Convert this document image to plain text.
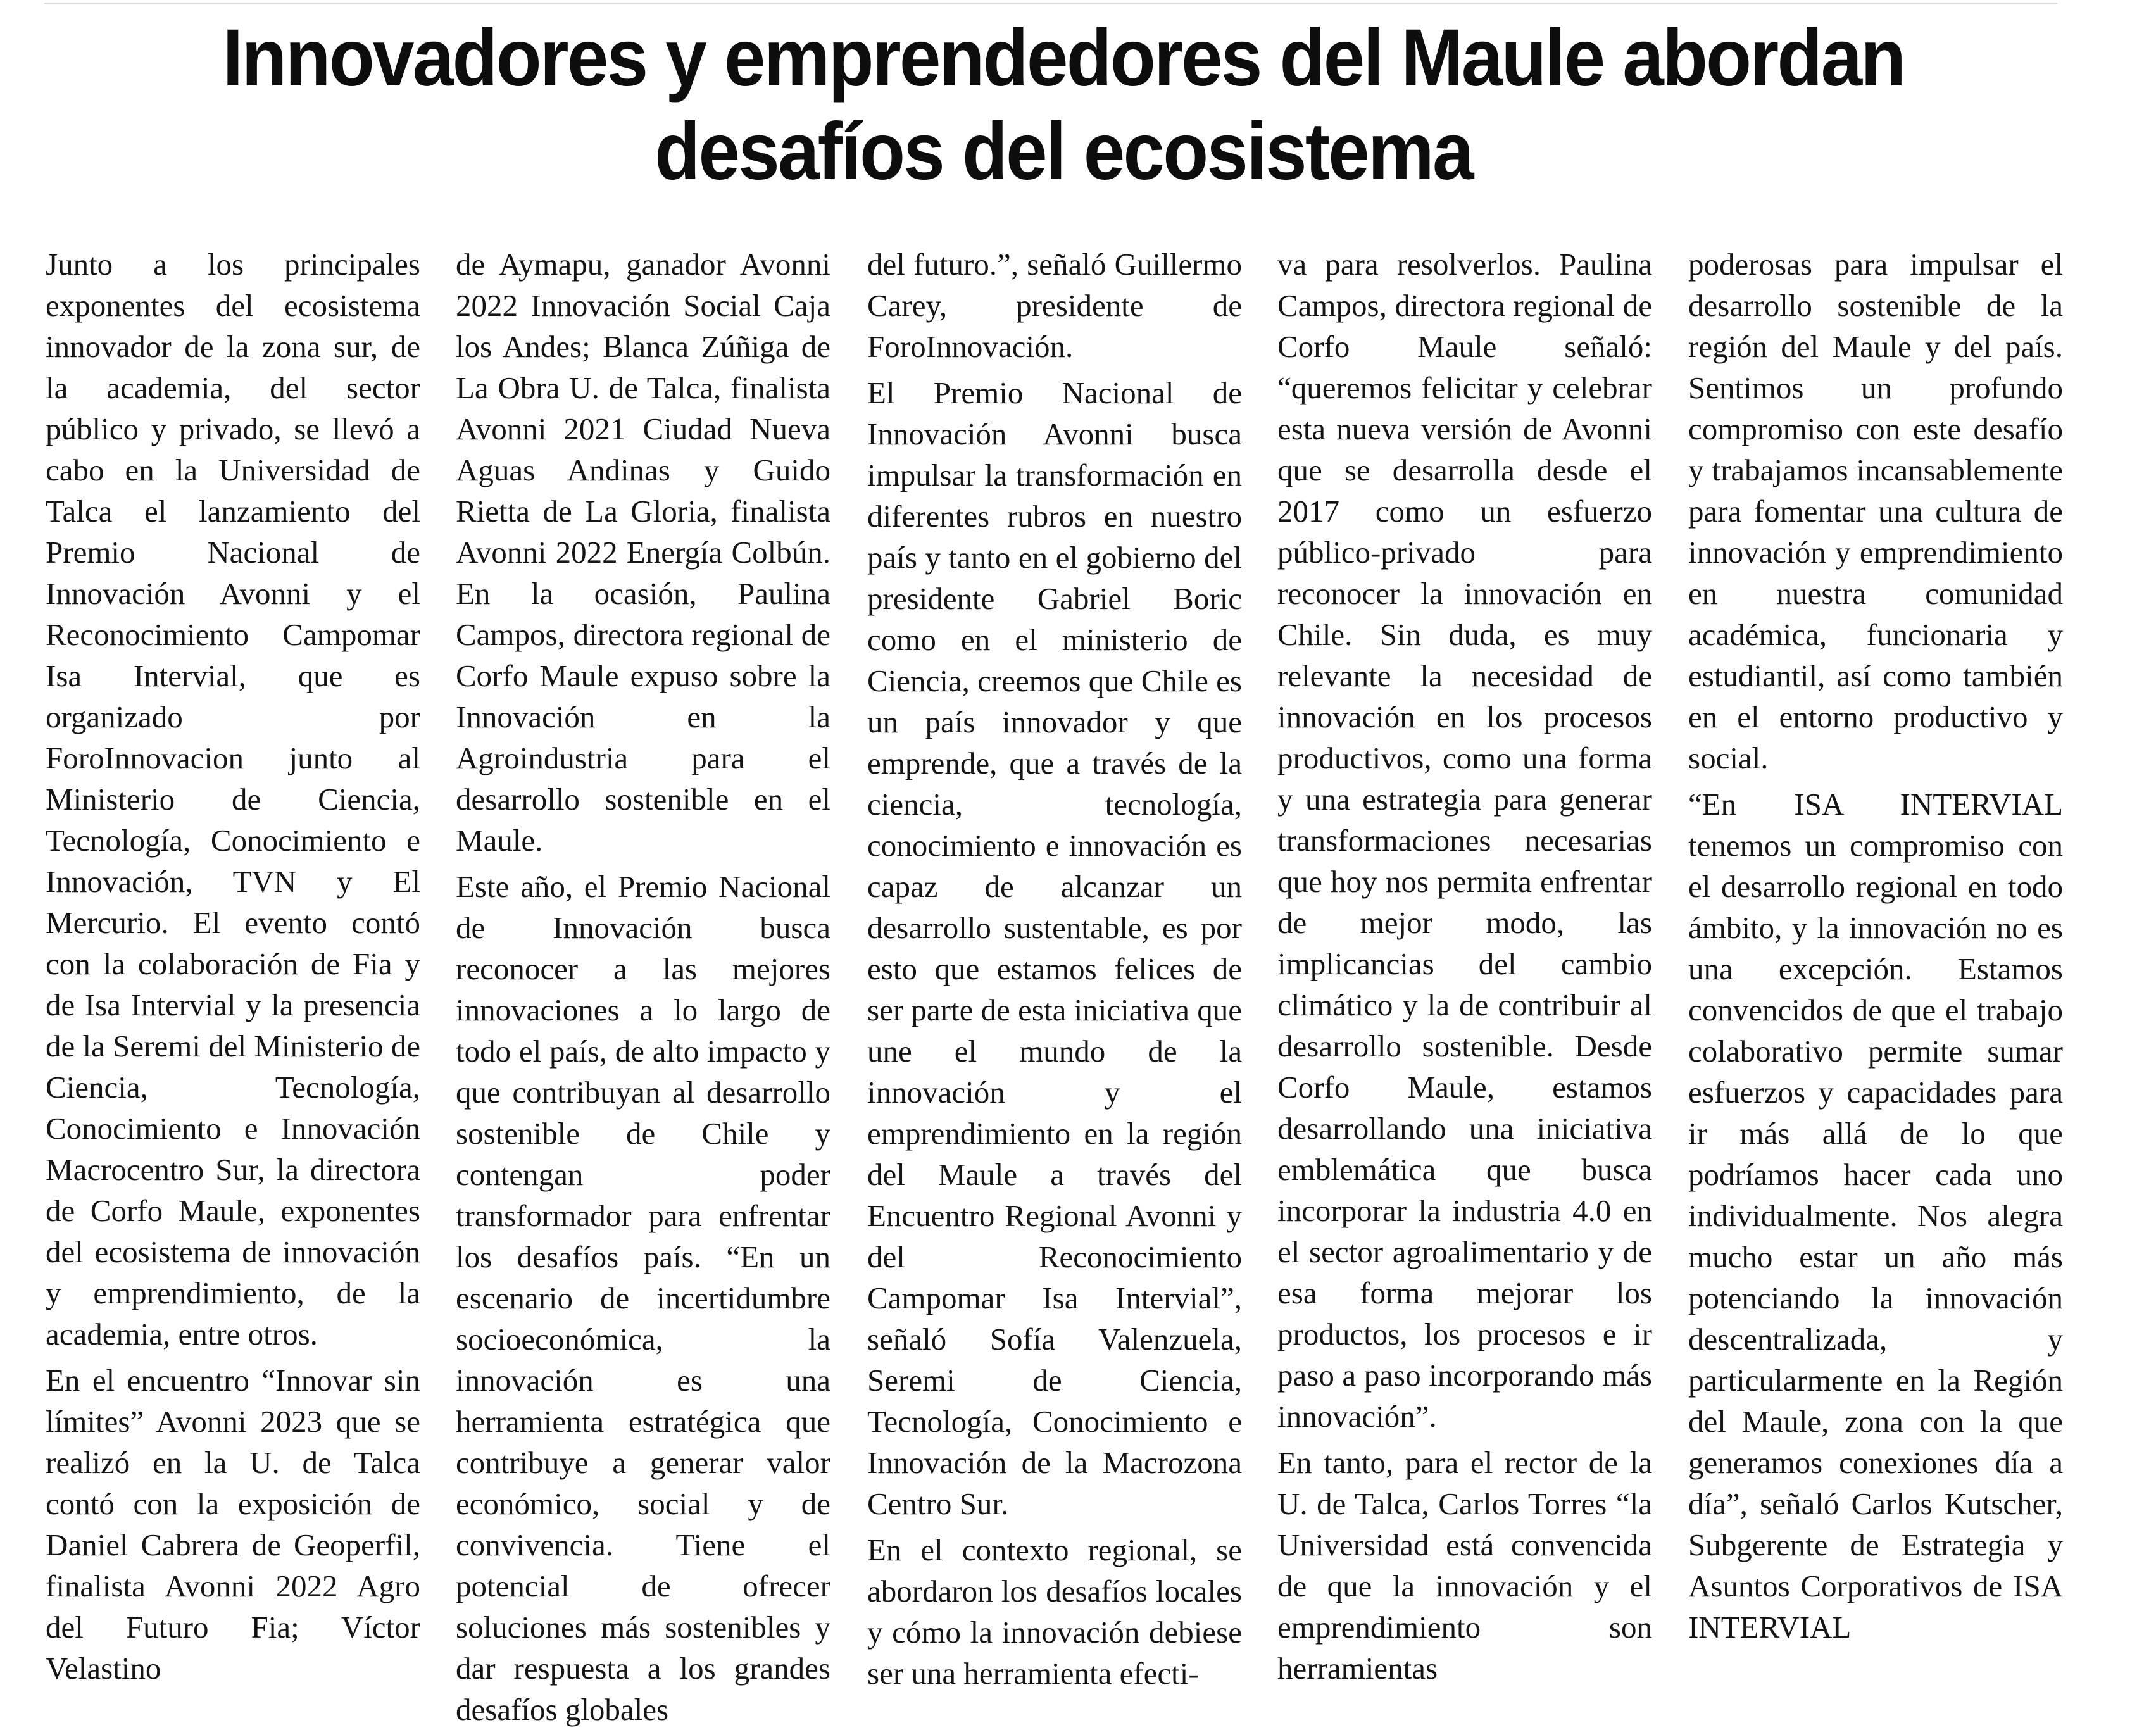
Innovadores y emprendedores del Maule abordan
desafíos del ecosistema

Junto a los principales exponentes del ecosistema innovador de la zona sur, de la academia, del sector público y privado, se llevó a cabo en la Universidad de Talca el lanzamiento del Premio Nacional de Innovación Avonni y el Reconocimiento Campomar Isa Intervial, que es organizado por ForoInnovacion junto al Ministerio de Ciencia, Tecnología, Conocimiento e Innovación, TVN y El Mercurio. El evento contó con la colaboración de Fia y de Isa Intervial y la presencia de la Seremi del Ministerio de Ciencia, Tecnología, Conocimiento e Innovación Macrocentro Sur, la directora de Corfo Maule, exponentes del ecosistema de innovación y emprendimiento, de la academia, entre otros.

En el encuentro “Innovar sin límites” Avonni 2023 que se realizó en la U. de Talca contó con la exposición de Daniel Cabrera de Geoperfil, finalista Avonni 2022 Agro del Futuro Fia; Víctor Velastino

de Aymapu, ganador Avonni 2022 Innovación Social Caja los Andes; Blanca Zúñiga de La Obra U. de Talca, finalista Avonni 2021 Ciudad Nueva Aguas Andinas y Guido Rietta de La Gloria, finalista Avonni 2022 Energía Colbún. En la ocasión, Paulina Campos, directora regional de Corfo Maule expuso sobre la Innovación en la Agroindustria para el desarrollo sostenible en el Maule.

Este año, el Premio Nacional de Innovación busca reconocer a las mejores innovaciones a lo largo de todo el país, de alto impacto y que contribuyan al desarrollo sostenible de Chile y contengan poder transformador para enfrentar los desafíos país. “En un escenario de incertidumbre socioeconómica, la innovación es una herramienta estratégica que contribuye a generar valor económico, social y de convivencia. Tiene el potencial de ofrecer soluciones más sostenibles y dar respuesta a los grandes desafíos globales

del futuro.”, señaló Guillermo Carey, presidente de ForoInnovación.

El Premio Nacional de Innovación Avonni busca impulsar la transformación en diferentes rubros en nuestro país y tanto en el gobierno del presidente Gabriel Boric como en el ministerio de Ciencia, creemos que Chile es un país innovador y que emprende, que a través de la ciencia, tecnología, conocimiento e innovación es capaz de alcanzar un desarrollo sustentable, es por esto que estamos felices de ser parte de esta iniciativa que une el mundo de la innovación y el emprendimiento en la región del Maule a través del Encuentro Regional Avonni y del Reconocimiento Campomar Isa Intervial”, señaló Sofía Valenzuela, Seremi de Ciencia, Tecnología, Conocimiento e Innovación de la Macrozona Centro Sur.

En el contexto regional, se abordaron los desafíos locales y cómo la innovación debiese ser una herramienta efecti-

va para resolverlos. Paulina Campos, directora regional de Corfo Maule señaló: “queremos felicitar y celebrar esta nueva versión de Avonni que se desarrolla desde el 2017 como un esfuerzo público-privado para reconocer la innovación en Chile. Sin duda, es muy relevante la necesidad de innovación en los procesos productivos, como una forma y una estrategia para generar transformaciones necesarias que hoy nos permita enfrentar de mejor modo, las implicancias del cambio climático y la de contribuir al desarrollo sostenible. Desde Corfo Maule, estamos desarrollando una iniciativa emblemática que busca incorporar la industria 4.0 en el sector agroalimentario y de esa forma mejorar los productos, los procesos e ir paso a paso incorporando más innovación”.

En tanto, para el rector de la U. de Talca, Carlos Torres “la Universidad está convencida de que la innovación y el emprendimiento son herramientas

poderosas para impulsar el desarrollo sostenible de la región del Maule y del país. Sentimos un profundo compromiso con este desafío y trabajamos incansablemente para fomentar una cultura de innovación y emprendimiento en nuestra comunidad académica, funcionaria y estudiantil, así como también en el entorno productivo y social.

“En ISA INTERVIAL tenemos un compromiso con el desarrollo regional en todo ámbito, y la innovación no es una excepción. Estamos convencidos de que el trabajo colaborativo permite sumar esfuerzos y capacidades para ir más allá de lo que podríamos hacer cada uno individualmente. Nos alegra mucho estar un año más potenciando la innovación descentralizada, y particularmente en la Región del Maule, zona con la que generamos conexiones día a día”, señaló Carlos Kutscher, Subgerente de Estrategia y Asuntos Corporativos de ISA INTERVIAL
